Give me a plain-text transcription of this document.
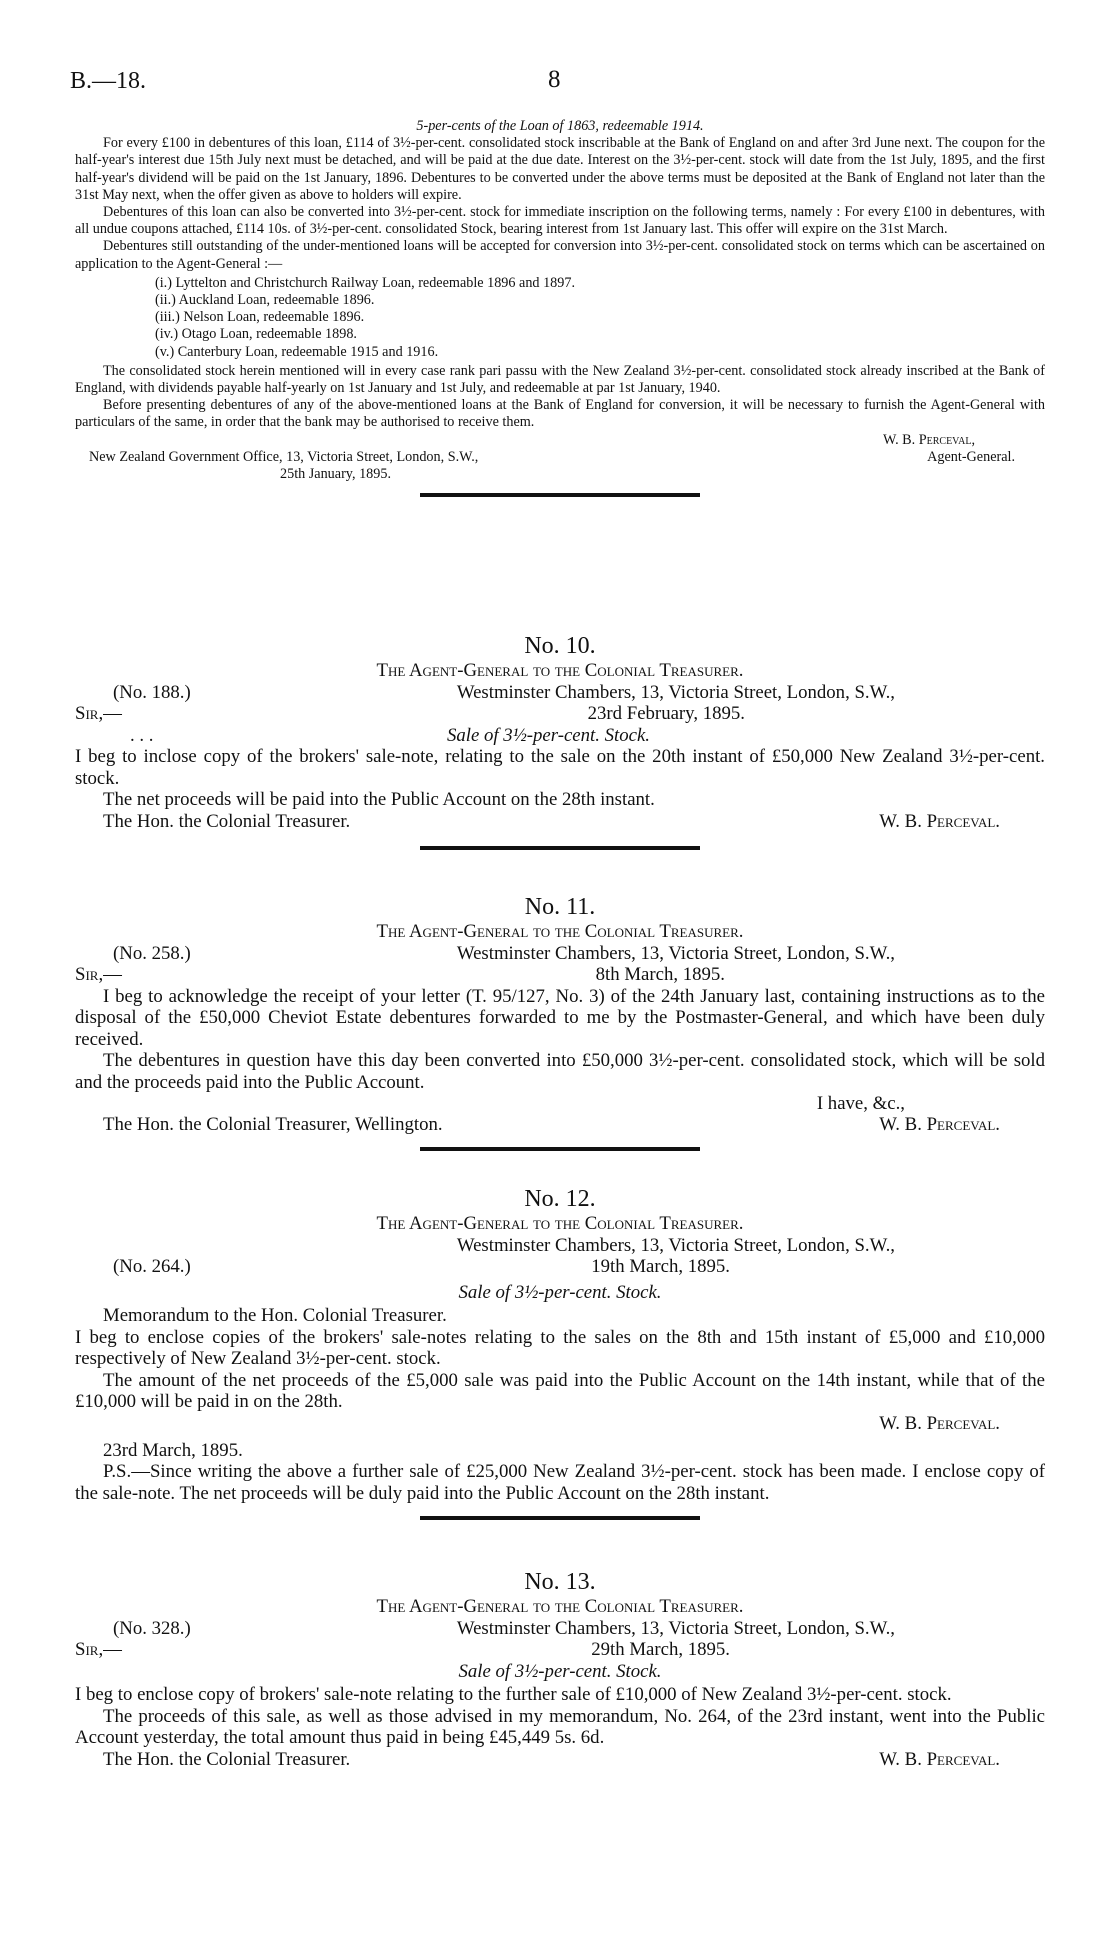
B.—18.	8

5-per-cents of the Loan of 1863, redeemable 1914.

For every £100 in debentures of this loan, £114 of 3½-per-cent. consolidated stock inscribable at the Bank of England on and after 3rd June next. The coupon for the half-year's interest due 15th July next must be detached, and will be paid at the due date. Interest on the 3½-per-cent. stock will date from the 1st July, 1895, and the first half-year's dividend will be paid on the 1st January, 1896. Debentures to be converted under the above terms must be deposited at the Bank of England not later than the 31st May next, when the offer given as above to holders will expire.

Debentures of this loan can also be converted into 3½-per-cent. stock for immediate inscription on the following terms, namely : For every £100 in debentures, with all undue coupons attached, £114 10s. of 3½-per-cent. consolidated Stock, bearing interest from 1st January last. This offer will expire on the 31st March.

Debentures still outstanding of the under-mentioned loans will be accepted for conversion into 3½-per-cent. consolidated stock on terms which can be ascertained on application to the Agent-General :—

(i.) Lyttelton and Christchurch Railway Loan, redeemable 1896 and 1897.
(ii.) Auckland Loan, redeemable 1896.
(iii.) Nelson Loan, redeemable 1896.
(iv.) Otago Loan, redeemable 1898.
(v.) Canterbury Loan, redeemable 1915 and 1916.

The consolidated stock herein mentioned will in every case rank pari passu with the New Zealand 3½-per-cent. consolidated stock already inscribed at the Bank of England, with dividends payable half-yearly on 1st January and 1st July, and redeemable at par 1st January, 1940.

Before presenting debentures of any of the above-mentioned loans at the Bank of England for conversion, it will be necessary to furnish the Agent-General with particulars of the same, in order that the bank may be authorised to receive them.

W. B. Perceval,
New Zealand Government Office, 13, Victoria Street, London, S.W.,	Agent-General.
25th January, 1895.

No. 10.

The Agent-General to the Colonial Treasurer.

(No. 188.)	Westminster Chambers, 13, Victoria Street, London, S.W.,
Sir,—	23rd February, 1895.
. . .	Sale of 3½-per-cent. Stock.

I beg to inclose copy of the brokers' sale-note, relating to the sale on the 20th instant of £50,000 New Zealand 3½-per-cent. stock.

The net proceeds will be paid into the Public Account on the 28th instant.

The Hon. the Colonial Treasurer.	W. B. Perceval.

No. 11.

The Agent-General to the Colonial Treasurer.

(No. 258.)	Westminster Chambers, 13, Victoria Street, London, S.W.,
Sir,—	8th March, 1895.

I beg to acknowledge the receipt of your letter (T. 95/127, No. 3) of the 24th January last, containing instructions as to the disposal of the £50,000 Cheviot Estate debentures forwarded to me by the Postmaster-General, and which have been duly received.

The debentures in question have this day been converted into £50,000 3½-per-cent. consolidated stock, which will be sold and the proceeds paid into the Public Account.

I have, &c.,
The Hon. the Colonial Treasurer, Wellington.	W. B. Perceval.

No. 12.

The Agent-General to the Colonial Treasurer.

Westminster Chambers, 13, Victoria Street, London, S.W.,

(No. 264.)	19th March, 1895.

Sale of 3½-per-cent. Stock.

Memorandum to the Hon. Colonial Treasurer.

I beg to enclose copies of the brokers' sale-notes relating to the sales on the 8th and 15th instant of £5,000 and £10,000 respectively of New Zealand 3½-per-cent. stock.

The amount of the net proceeds of the £5,000 sale was paid into the Public Account on the 14th instant, while that of the £10,000 will be paid in on the 28th.

W. B. Perceval.

23rd March, 1895.

P.S.—Since writing the above a further sale of £25,000 New Zealand 3½-per-cent. stock has been made. I enclose copy of the sale-note. The net proceeds will be duly paid into the Public Account on the 28th instant.

No. 13.

The Agent-General to the Colonial Treasurer.

(No. 328.)	Westminster Chambers, 13, Victoria Street, London, S.W.,
Sir,—	29th March, 1895.

Sale of 3½-per-cent. Stock.

I beg to enclose copy of brokers' sale-note relating to the further sale of £10,000 of New Zealand 3½-per-cent. stock.

The proceeds of this sale, as well as those advised in my memorandum, No. 264, of the 23rd instant, went into the Public Account yesterday, the total amount thus paid in being £45,449 5s. 6d.

The Hon. the Colonial Treasurer.	W. B. Perceval.
